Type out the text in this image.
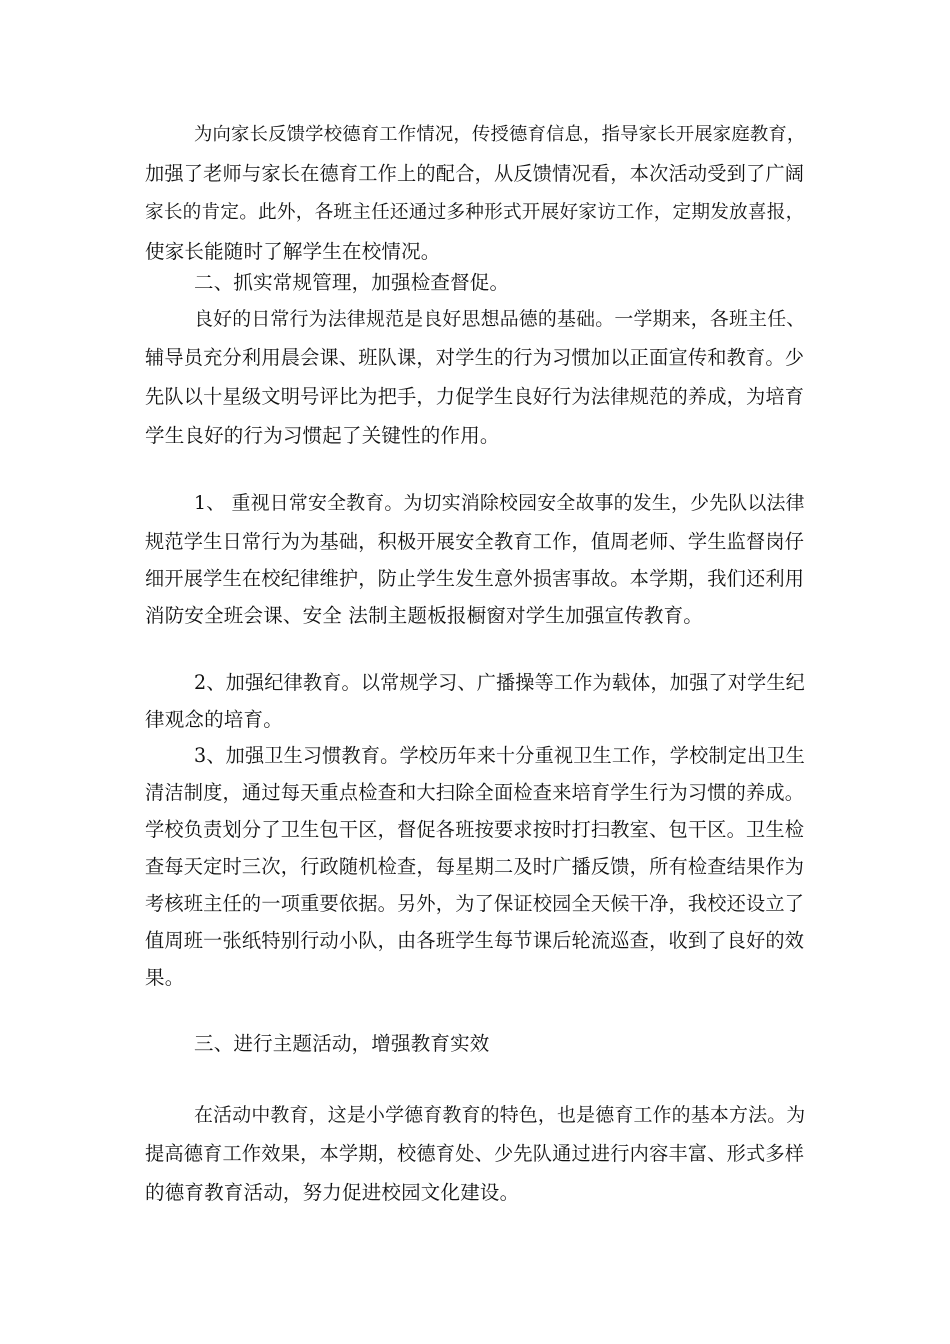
为向家长反馈学校德育工作情况，传授德育信息，指导家长开展家庭教育，

加强了老师与家长在德育工作上的配合，从反馈情况看，本次活动受到了广阔

家长的肯定。此外，各班主任还通过多种形式开展好家访工作，定期发放喜报，

使家长能随时了解学生在校情况。

二、抓实常规管理，加强检查督促。

良好的日常行为法律规范是良好思想品德的基础。一学期来，各班主任、

辅导员充分利用晨会课、班队课，对学生的行为习惯加以正面宣传和教育。少

先队以十星级文明号评比为把手，力促学生良好行为法律规范的养成，为培育

学生良好的行为习惯起了关键性的作用。

1、 重视日常安全教育。为切实消除校园安全故事的发生，少先队以法律

规范学生日常行为为基础，积极开展安全教育工作，值周老师、学生监督岗仔

细开展学生在校纪律维护，防止学生发生意外损害事故。本学期，我们还利用

消防安全班会课、安全 法制主题板报橱窗对学生加强宣传教育。

2、加强纪律教育。以常规学习、广播操等工作为载体，加强了对学生纪

律观念的培育。

3、加强卫生习惯教育。学校历年来十分重视卫生工作，学校制定出卫生

清洁制度，通过每天重点检查和大扫除全面检查来培育学生行为习惯的养成。

学校负责划分了卫生包干区，督促各班按要求按时打扫教室、包干区。卫生检

查每天定时三次，行政随机检查，每星期二及时广播反馈，所有检查结果作为

考核班主任的一项重要依据。另外，为了保证校园全天候干净，我校还设立了

值周班一张纸特别行动小队，由各班学生每节课后轮流巡查，收到了良好的效

果。

三、进行主题活动，增强教育实效

在活动中教育，这是小学德育教育的特色，也是德育工作的基本方法。为

提高德育工作效果，本学期，校德育处、少先队通过进行内容丰富、形式多样

的德育教育活动，努力促进校园文化建设。
